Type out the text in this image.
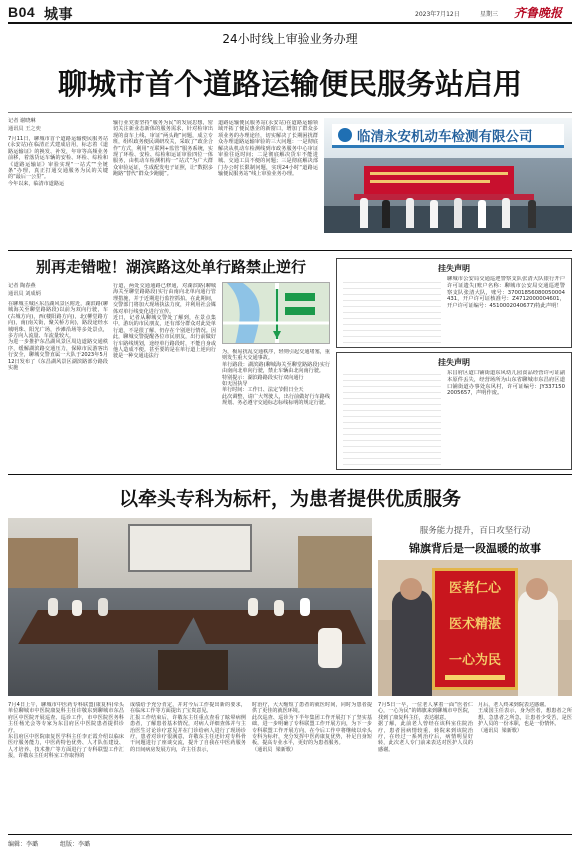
B04 城事	2023年7月12日	星期三 齐鲁晚报
24小时线上审验业务办理
聊城市首个道路运输便民服务站启用
记者 谢晓琳
通讯员 王之奕
7月11日，聊城市首个道路运输便民服务站(永安站)在临清正式建成启用，标志着《道路运输证》的换发、补发，年审等高频业务前移，着落货运车辆的安检、环检、综检和《道路运输证》审验实现“一站式”“全链条”办理，真正打通交通服务为民的关键的“最后一公里”。
今年以来，临清市道路运
输行业党委坚持“服务为民”的发展思想，密切关注新业态新体的服务需求，针对检审出现的食车上线、审证“两头跑”问题，成立专班，组织政务便民调研攻关，采取了“政企合作”方式，利用“互联网+监管”服务系统，实现了环检、安检、综检和运证审验四位一体服务，由机动车检测机构一“站式”为广大群众审验运证，生成配发电子证照，让“数据多跑路”替代“群众少跑腿”。
道路运输便民服务站(永安站)在道路运输领域开拓了便民惠企的新窗口，增加了群众多项业务的办理途径，切实解决了长期困扰群众办理道路运输审验的三大问题：一是彻底解决从机动车检测线到市政务服务中心审证审验往返时间；二是彻底解决货车不能进城、交通工具不便的问题；三是彻底解决部门办公时长限制问题，实现24小时“道路运输便民服务站”线上审验业务办理。
临清永安机动车检测有限公司
别再走错啦！湖滨路这处单行路禁止逆行
记者 陶春燕
通讯员 刘成炳
在聊城主城区东昌湖风景区附近，湖滨路(聊城海关至聊堂路路段)以前为双向行驶，车(古城方向)，西(楼阳路方向)，北(柳堂路方向)，南(南关街，聚关桥方向)，路段途经水城明珠、阳光广场，沙滩沿场等多处景点，多方向人流量、车流量较大。
为进一步推护东昌湖风景区周边道路交通秩序，缓解湖滨路交通压力，保障市民游客出行安全，聊城交警直属一大队于2023年5月12日发布了《东昌湖风景区湖滨路部分路段实施
行道，两处交通通路已修通，对湖滨路(聊城海关至聊堂路路段)实行由南向北单向通行管理措施，并于近期进行监控抓拍。在此期间，交警部门将加大现场执法力度，并利用社会媒体对单行线变化进行宣传。
近日，记者从聊城交警处了解到，在景点集中，游玩的市民朋友，还有部分群众对此处单行道，不是很了解，仍存在个别逆行情况。因此，聊城交警提醒各位市民朋友，出行前做好行车路线规划，途经单行路段时，不能自身或他人造成不便。甚至要的是在单行道上逆向行驶是一种交通违法行
为，极易扰乱交通秩序，轻则引起交通堵塞，重则发生重大交通事故。
单行路段：湖滨路(聊城海关至聊堂路路段)实行由南向北单向行驶，禁止车辆由北向南行驶。
特别提示：湖滨路路段实行双向通行
如无因执导
单行时间：工作日、法定节假日全天
此次调整，请广大驾驶人，出行前做好行车路线规划、务必遵守交通标志标线标明的规定行驶。
挂失声明
聊城市公安局交通巡逻警察支队张清大队银行开户许可证遗失(账户名称：聊城市公安局交通巡逻警察支队张清大队，账号：37001856080050004431，开户许可证核准号：Z4712000004601，开户许可证编号：4510002040677)特此声明！
挂失声明
东昌府区道口铺街道东风幼儿园食品经营许可证副本原件丢失，经营场所为山东省聊城市东昌府区道口铺街道办事处东风村，许可证编号：JY3371502005657，声明作废。
以牵头专科为标杆，为患者提供优质服务
服务能力提升，百日攻坚行动
锦旗背后是一段温暖的故事
医者仁心
医术精湛
一心为民
7月4日上午，聊城市中医药专科联盟(康复科)牵头单位聊城市中医院康复科主任许敬东到聊城市东昌府区中医院开展巡查、巡诊工作，市中医院医务科主任杨光会等专家为东昌府区中医院患者提供诊疗。
东昌府区中医院康复医学科主任李正霞介绍以临床医疗服务能力，中医药特色优势、人才队伍建设、人才培养、技术推广等方面进行了专科联盟工作汇报，许敬东主任对科室工作取得的
成绩给予充分肯定，并对今后工作提出新的要求，在临床工作等方面提出了宝贵意见。
汇报工作结束后，许敬东主任重点查看了眩晕病例患者，了解患者基本情况，对病人详细查体并与主治医生讨论诊疗意见并在门诊给病人进行了现场诊疗，患者对诊疗很满意，许敬东主任还针对专科骨干问题进行了座谈交流，提升了自我在中医药服务的日间病房发展方向，许主任表示，
时治疗，大大缩短了患者的就医时间，同时为患者提供了更佳的就医环境。
此次巡查、巡诊为下半年集团工作开展打下了坚实基础，进一步明确了专科联盟工作开展方向，为下一步专科联盟工作开展方向，在今后工作中将继续以牵头专科为标杆，充分发挥中医药康复优势，补足自身短板，提高专业水平，更好的为患者服务。
（通讯员  梁新歌）
7月5日一早，一位老人拿着一面“医者仁心，一心为民”的锦旗来到聊城市中医院，找到了康复科主任，表达谢意。
据了解，此前老人曾经在该科室住院治疗，患者因病情较重，转院来到该院治疗，在经过一系列治疗后，病情明显好转，此次老人专门前来表达对医护人员的感谢。
月后，老人终来到院表达感谢。
王成国主任表示，身为医者，想患者之所想，急患者之所急，让患者少受苦，是医护人员的一份本职，也是一份情怀。
（通讯员  梁新歌）
编辑：李璐	组版：李璐
